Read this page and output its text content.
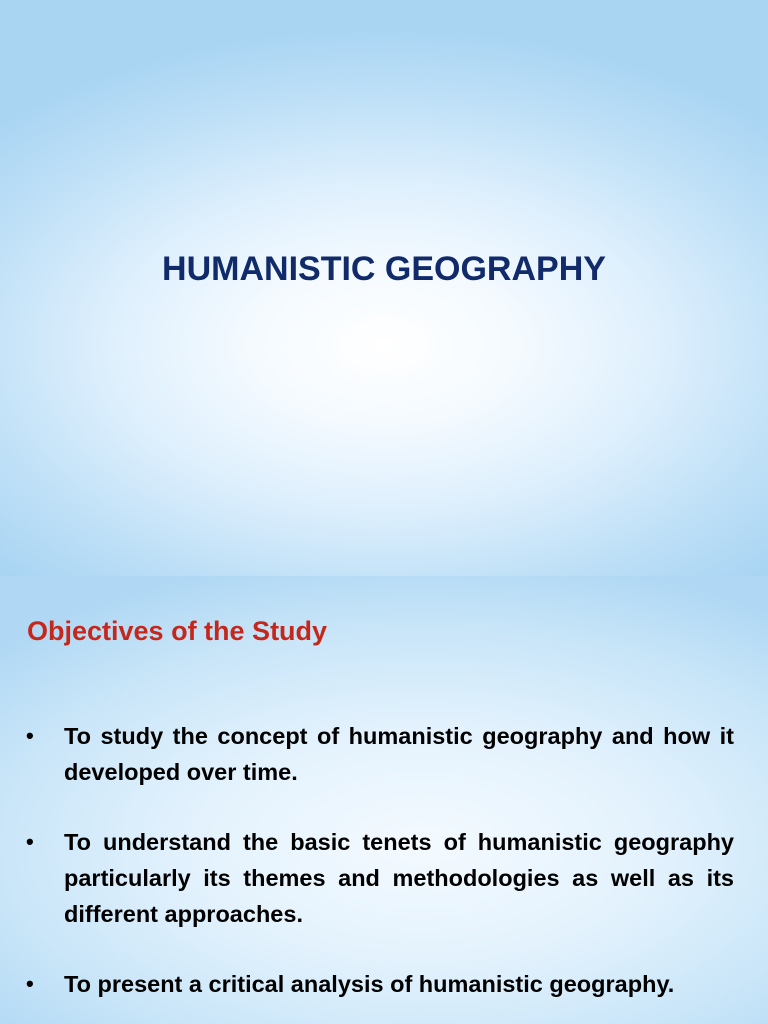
HUMANISTIC GEOGRAPHY
Objectives of the Study
• To study the concept of humanistic geography and how it developed over time.
• To understand the basic tenets of humanistic geography particularly its themes and methodologies as well as its different approaches.
• To present a critical analysis of humanistic geography.
